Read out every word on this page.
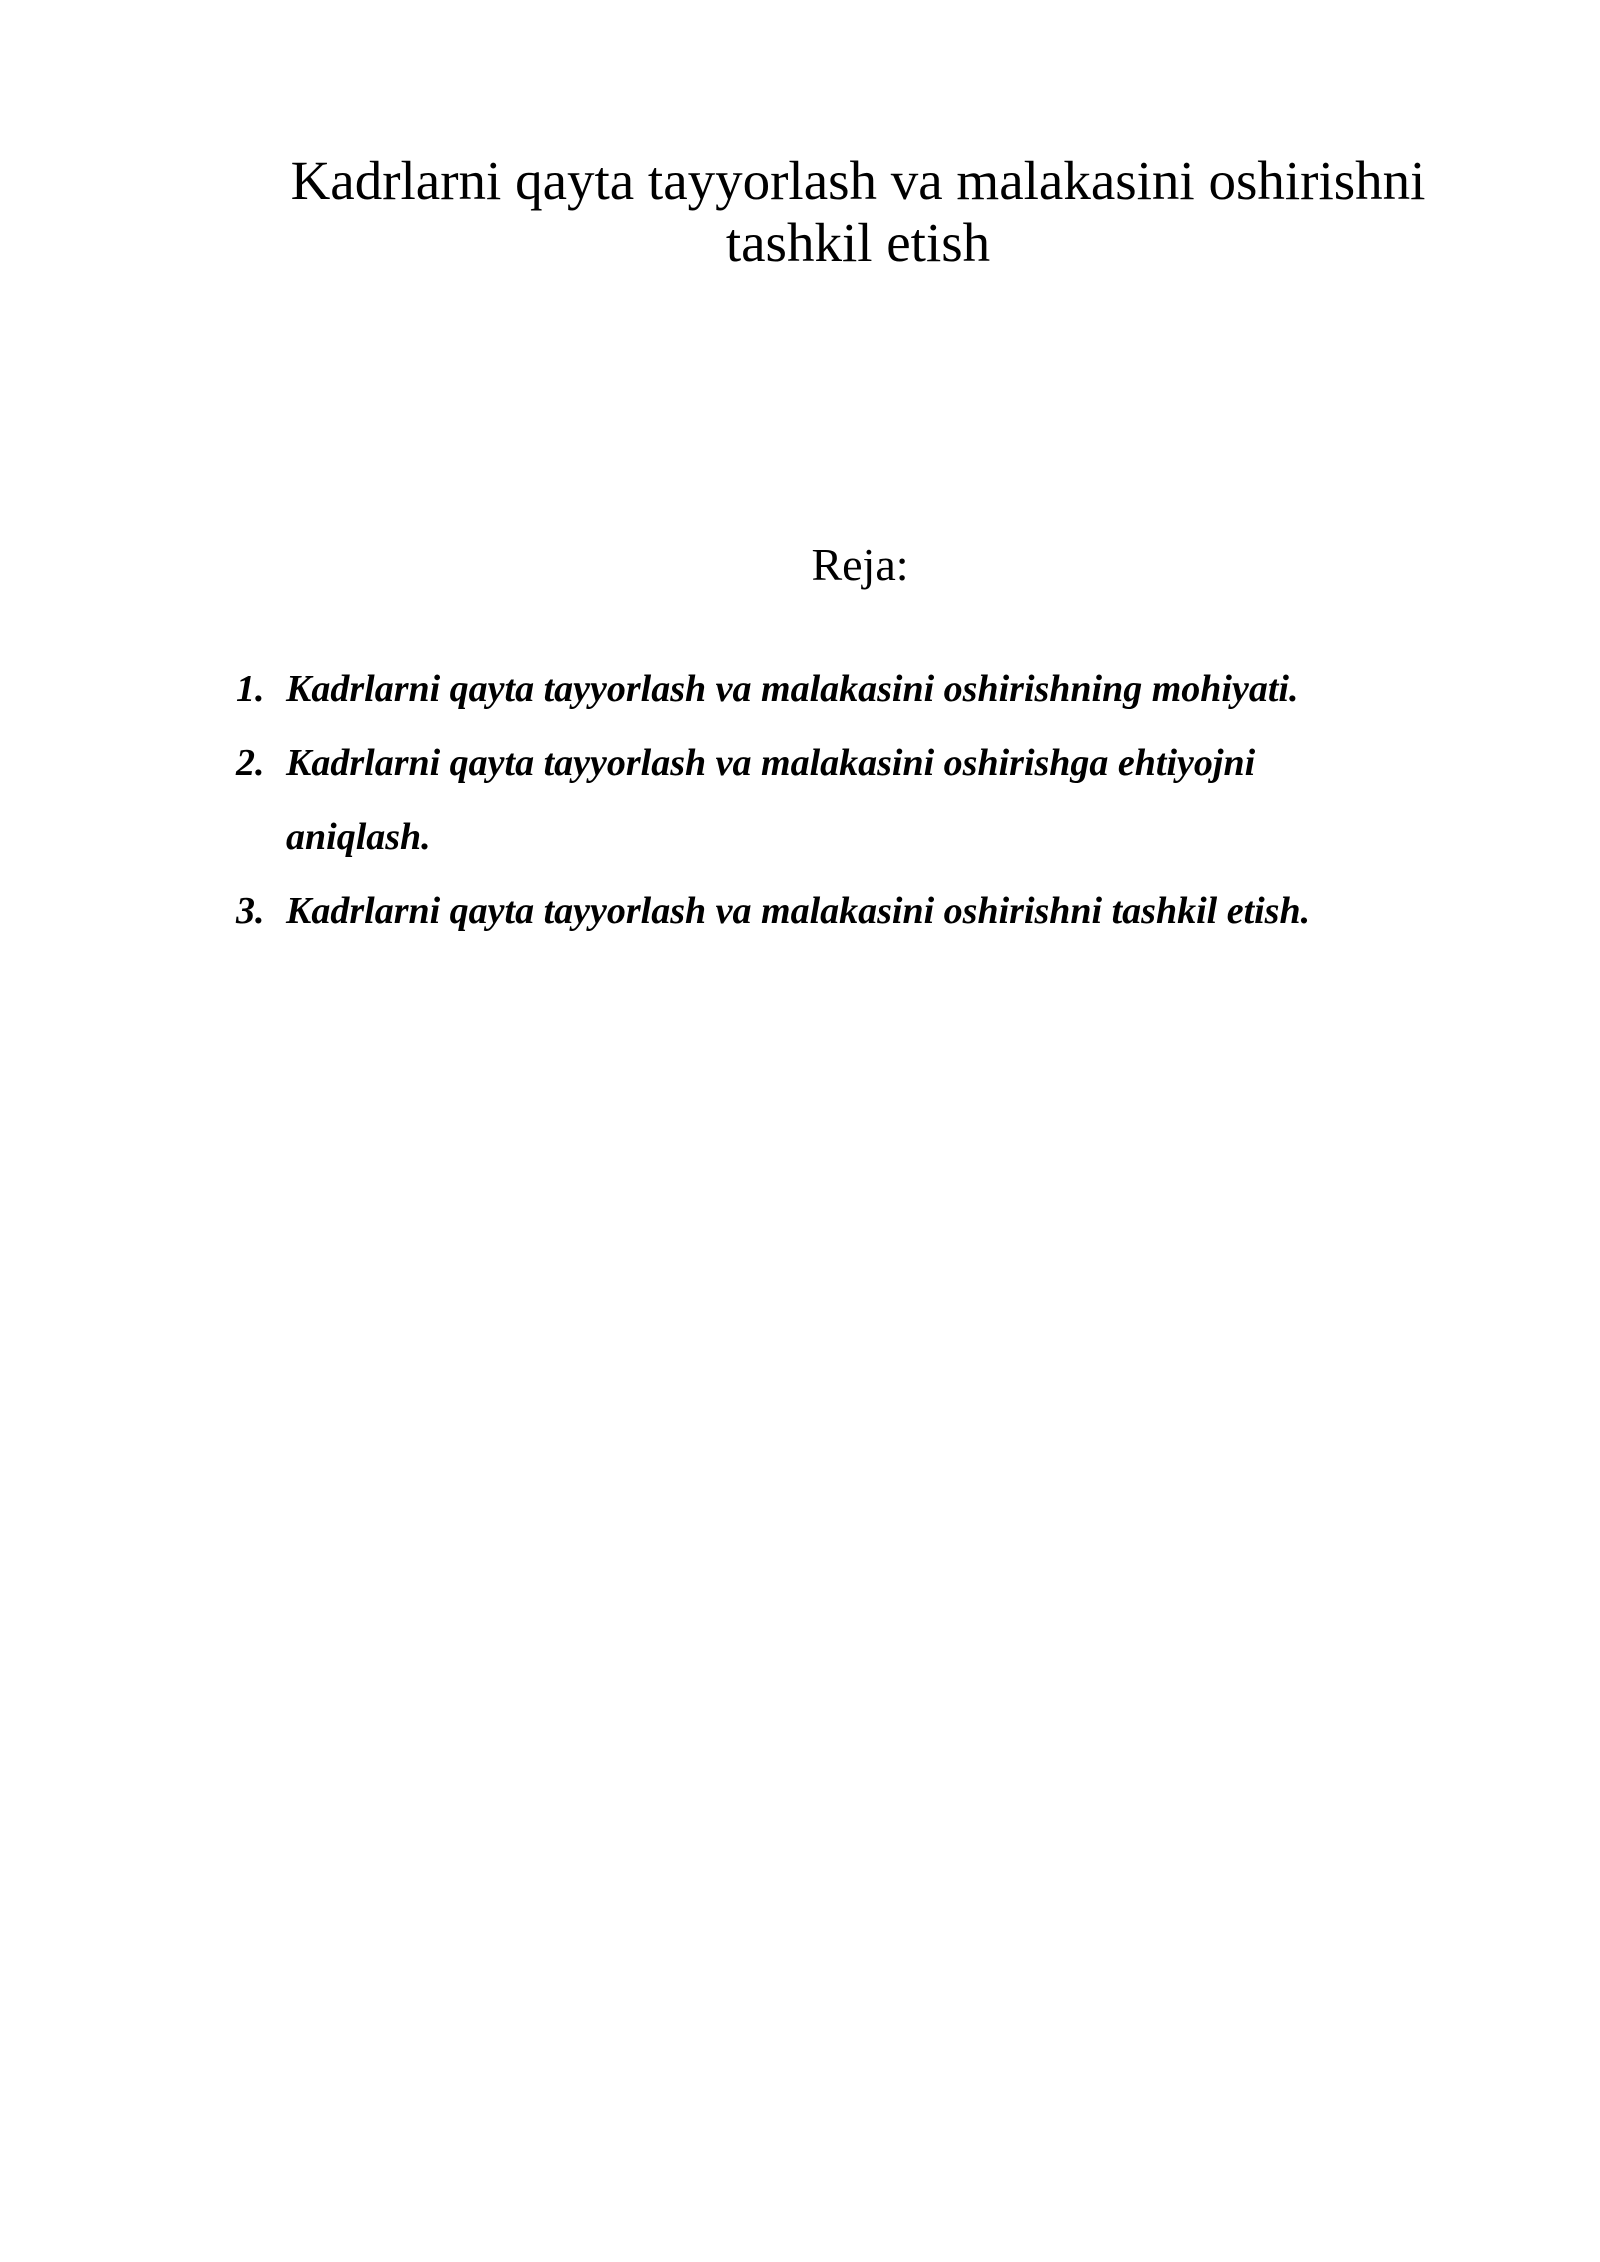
Kadrlarni qayta tayyorlash va malakasini oshirishni
tashkil etish

Reja:

1. Kadrlarni qayta tayyorlash va malakasini oshirishning mohiyati.
2. Kadrlarni qayta tayyorlash va malakasini oshirishga ehtiyojni
aniqlash.
3. Kadrlarni qayta tayyorlash va malakasini oshirishni tashkil etish.
